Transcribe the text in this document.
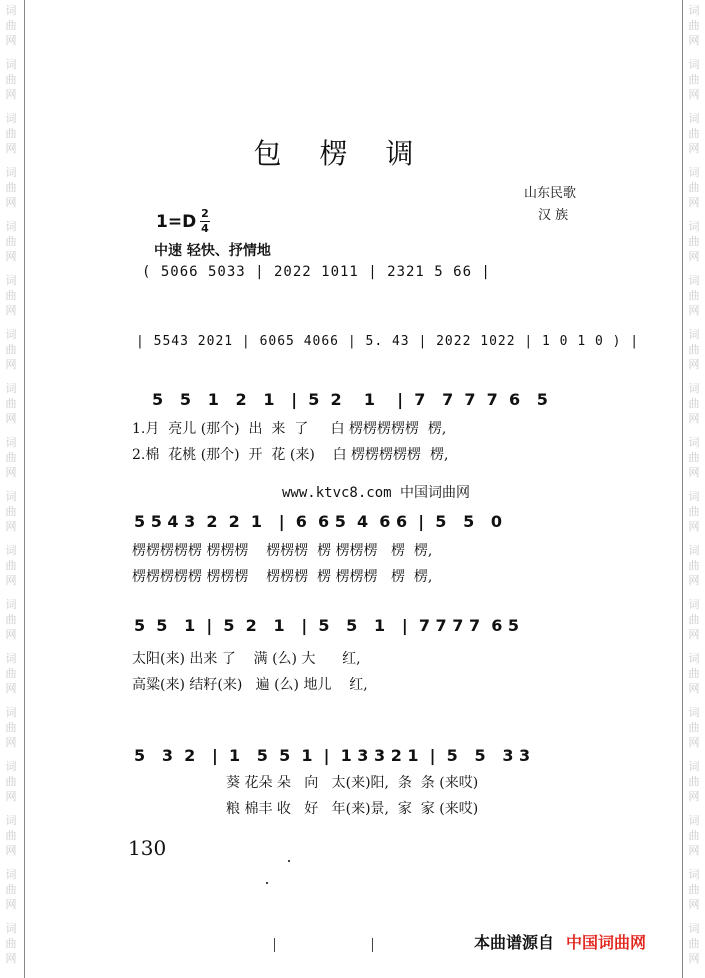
词
曲
网
词
曲
网
词
曲
网
词
曲
网
词
曲
网
词
曲
网
词
曲
网
词
曲
网
词
曲
网
词
曲
网
词
曲
网
词
曲
网
词
曲
网
词
曲
网
词
曲
网
词
曲
网
词
曲
网
词
曲
网
词
曲
网
词
曲
网
词
曲
网
词
曲
网
词
曲
网
词
曲
网
词
曲
网
词
曲
网
词
曲
网
词
曲
网
词
曲
网
词
曲
网
词
曲
网
词
曲
网
词
曲
网
词
曲
网
词
曲
网
词
曲
网
包楞调
山东民歌
汉 族
1=D 2
4
中速 轻快、抒情地
( 5066 5033 | 2022 1011 | 2321 5 66 |
| 5543 2021 | 6065 4066 | 5. 43 | 2022 1022 | 1 0 1 0 ) |
5   5   1   2   1   |  5  2    1    |  7   7  7  7  6   5
1.月  亮儿 (那个)  出  来  了     白 楞楞楞楞楞  楞,
2.棉  花桃 (那个)  开  花 (来)    白 楞楞楞楞楞  楞,
www.ktvc8.com 中国词曲网
5 5 4 3  2  2  1   |  6  6 5  4  6 6  |  5   5   0
楞楞楞楞楞 楞楞楞    楞楞楞  楞 楞楞楞   楞  楞,
楞楞楞楞楞 楞楞楞    楞楞楞  楞 楞楞楞   楞  楞,
5  5   1  |  5  2   1   |  5   5   1   |  7 7 7 7  6 5
太阳(来) 出来 了    满 (么) 大      红,
高粱(来) 结籽(来)   遍 (么) 地儿    红,
5   3  2   |  1   5  5  1  |  1 3 3 2 1  |  5   5   3 3
葵 花朵 朵   向   太(来)阳,  条  条 (来哎)
粮 棉丰 收   好   年(来)景,  家  家 (来哎)
130
本曲谱源自 中国词曲网
